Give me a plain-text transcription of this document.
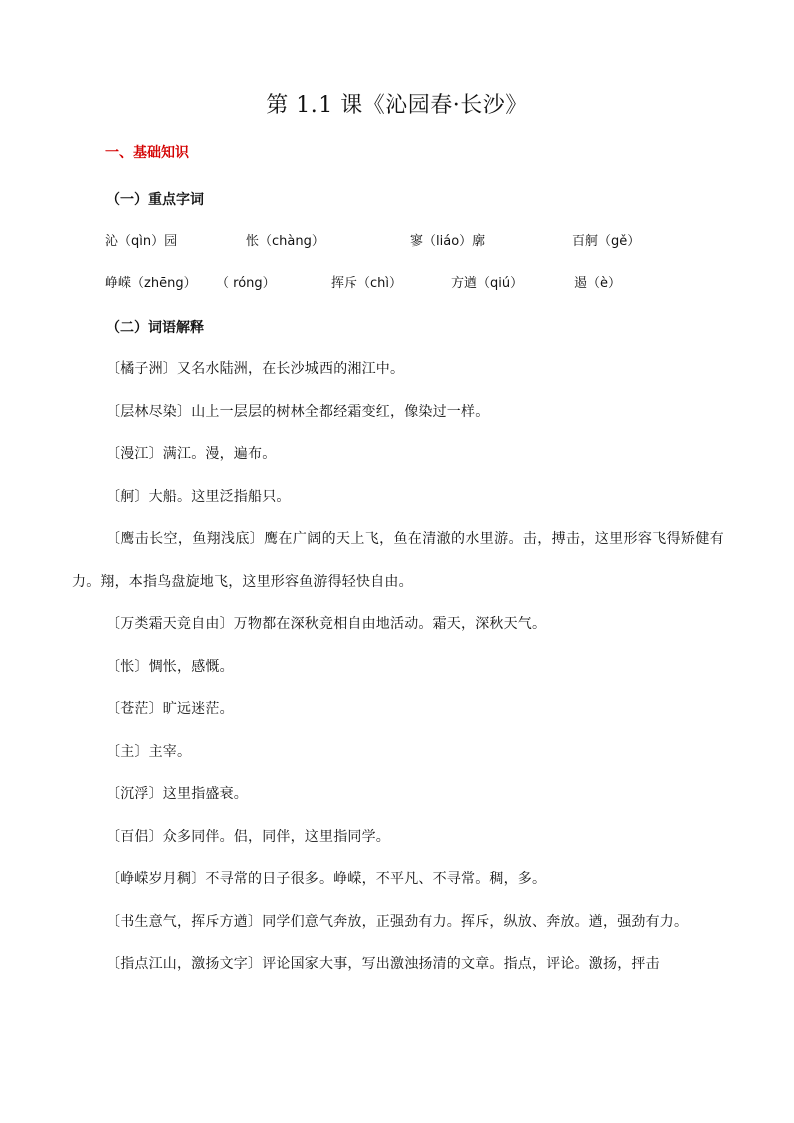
第 1.1 课《沁园春·长沙》
一、基础知识
（一）重点字词
沁（qìn）园	怅（chàng）	寥（liáo）廓	百舸（gě）
峥嵘（zhēng） （ róng）	挥斥（chì）	方遒（qiú）	遏（è）
（二）词语解释

〔橘子洲〕又名水陆洲，在长沙城西的湘江中。

〔层林尽染〕山上一层层的树林全都经霜变红，像染过一样。

〔漫江〕满江。漫，遍布。

〔舸〕大船。这里泛指船只。

〔鹰击长空，鱼翔浅底〕鹰在广阔的天上飞，鱼在清澈的水里游。击，搏击，这里形容飞得矫健有力。翔，本指鸟盘旋地飞，这里形容鱼游得轻快自由。

〔万类霜天竞自由〕万物都在深秋竞相自由地活动。霜天，深秋天气。

〔怅〕惆怅，感慨。

〔苍茫〕旷远迷茫。

〔主〕主宰。

〔沉浮〕这里指盛衰。

〔百侣〕众多同伴。侣，同伴，这里指同学。

〔峥嵘岁月稠〕不寻常的日子很多。峥嵘，不平凡、不寻常。稠，多。

〔书生意气，挥斥方遒〕同学们意气奔放，正强劲有力。挥斥，纵放、奔放。遒，强劲有力。

〔指点江山，激扬文字〕评论国家大事，写出激浊扬清的文章。指点，评论。激扬，抨击
